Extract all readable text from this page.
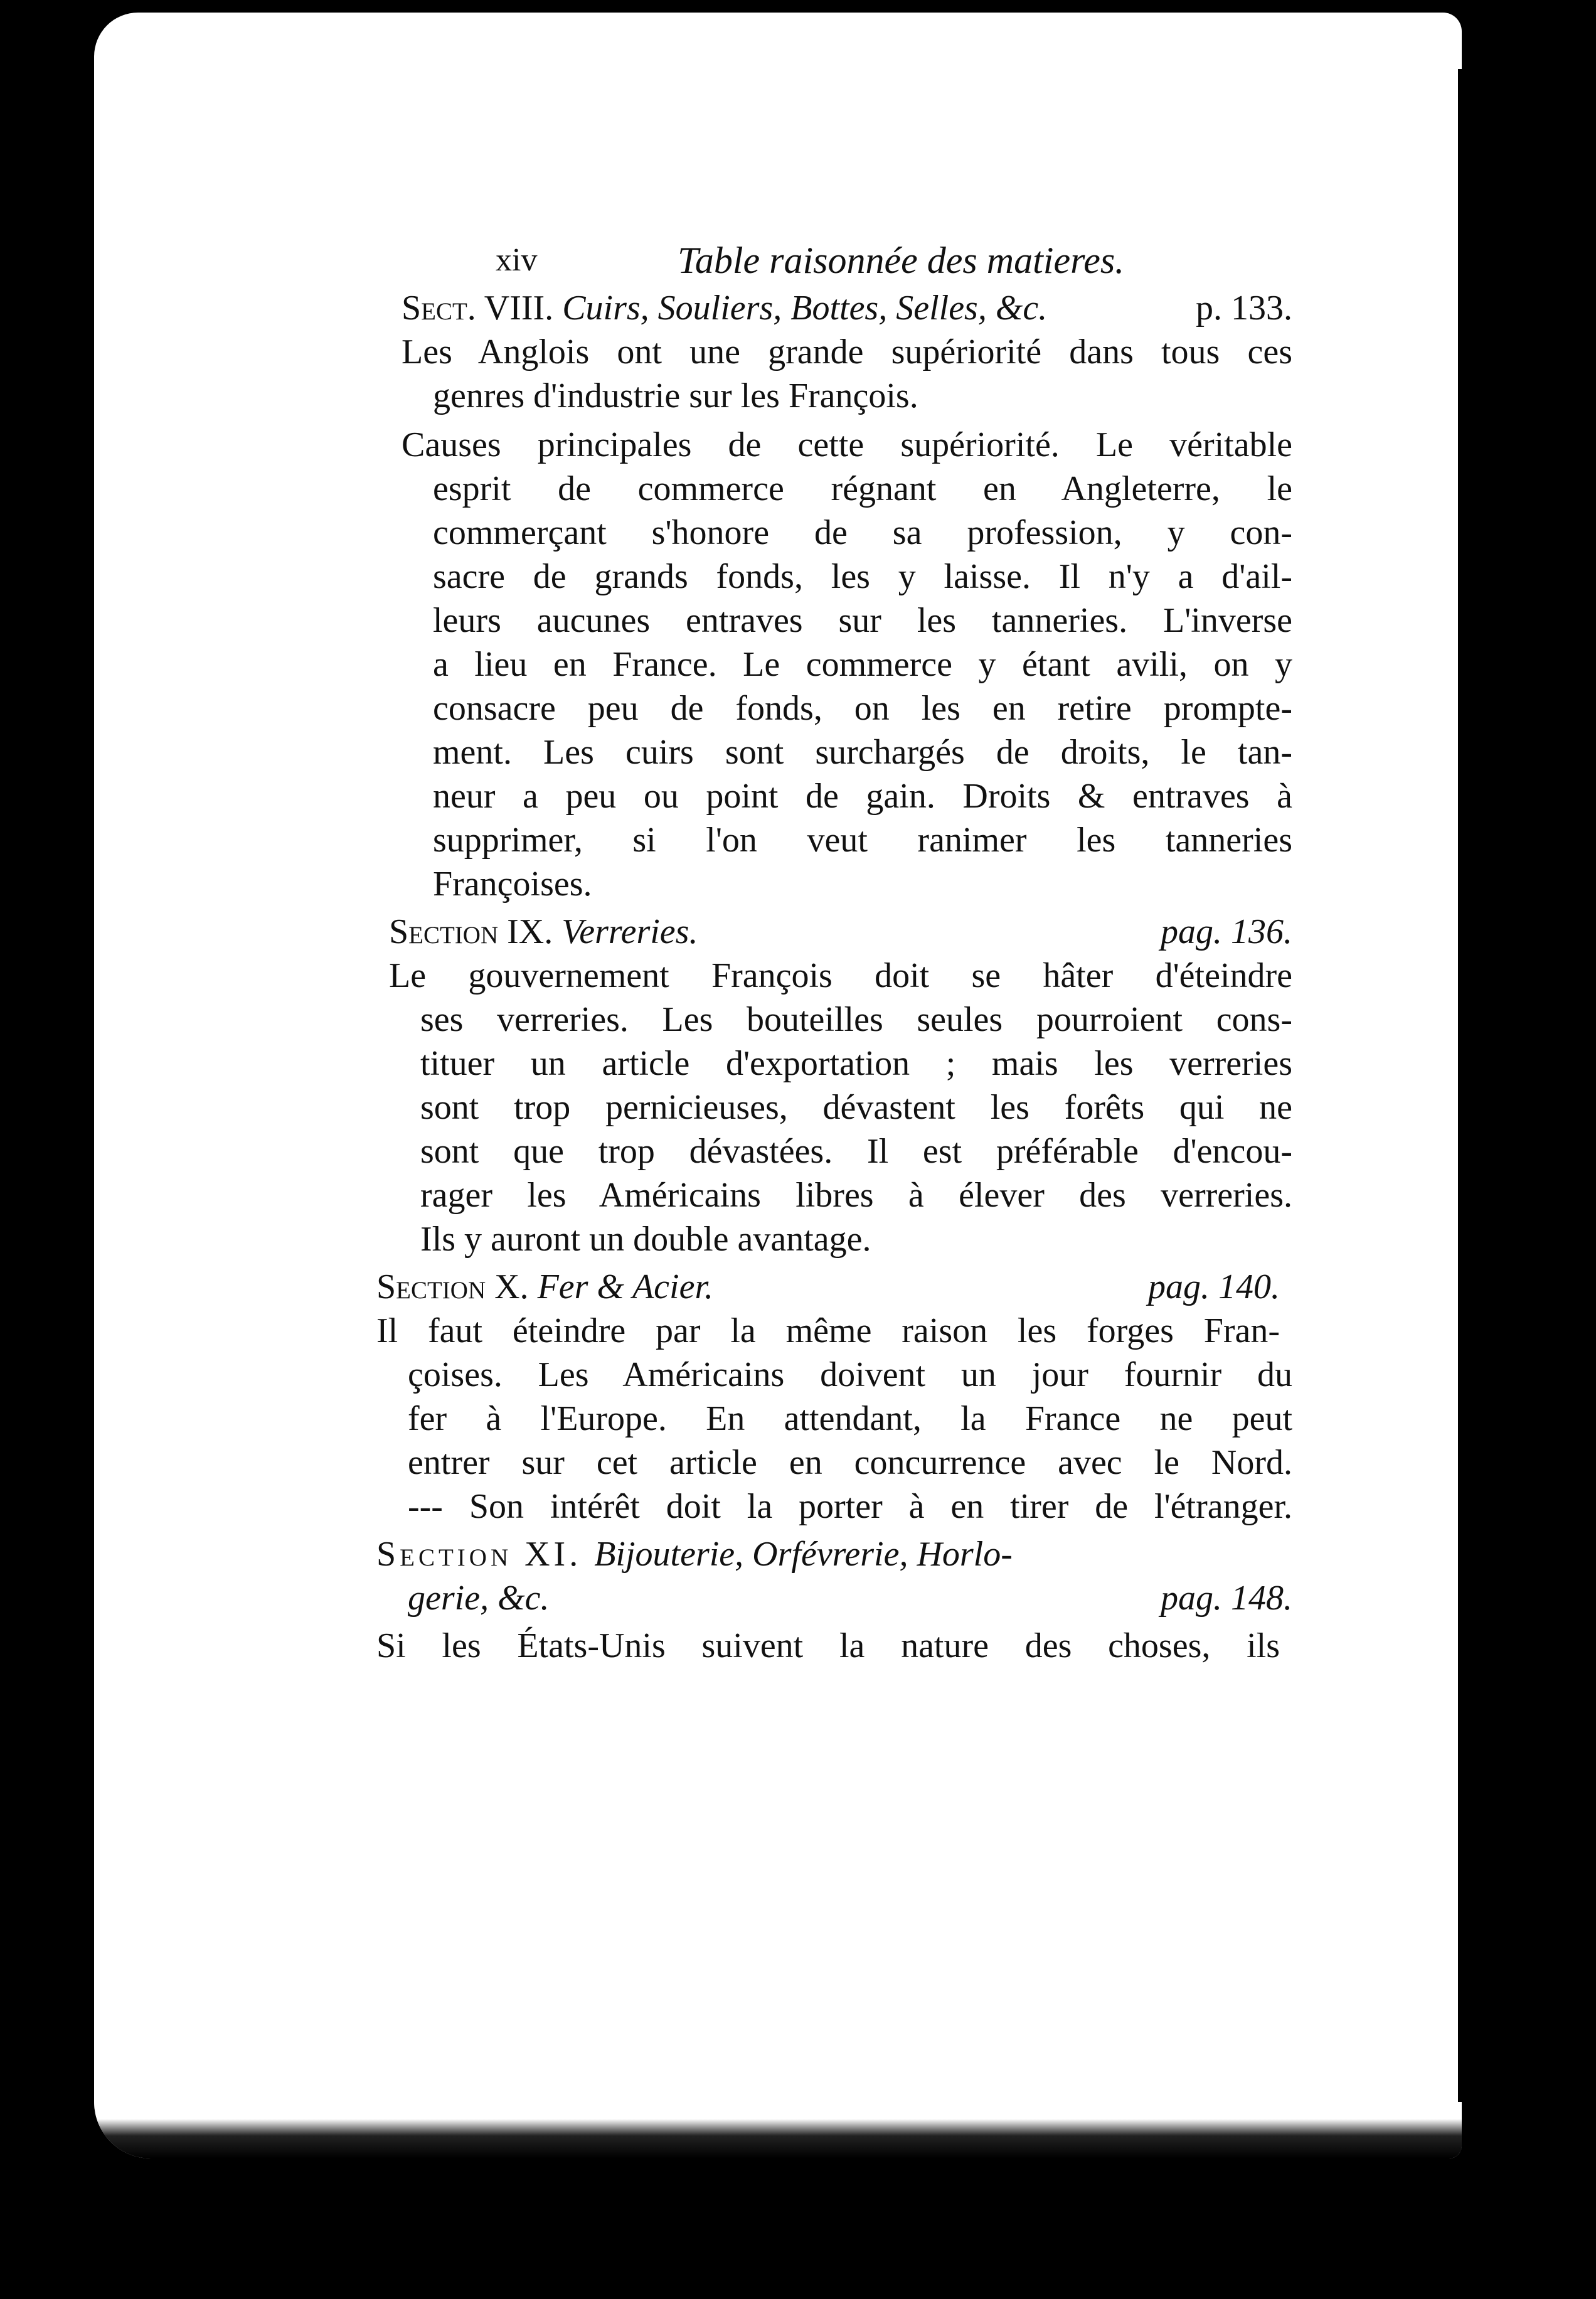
xiv	Table raisonnée des matieres.
Sect. VIII. Cuirs, Souliers, Bottes, Selles, &c.	p. 133.
Les Anglois ont une grande supériorité dans tous ces
genres d'industrie sur les François.
Causes principales de cette supériorité. Le véritable
esprit de commerce régnant en Angleterre, le
commerçant s'honore de sa profession, y con-
sacre de grands fonds, les y laisse. Il n'y a d'ail-
leurs aucunes entraves sur les tanneries. L'inverse
a lieu en France. Le commerce y étant avili, on y
consacre peu de fonds, on les en retire prompte-
ment. Les cuirs sont surchargés de droits, le tan-
neur a peu ou point de gain. Droits & entraves à
supprimer, si l'on veut ranimer les tanneries
Françoises.
Section IX. Verreries.	pag. 136.
Le gouvernement François doit se hâter d'éteindre
ses verreries. Les bouteilles seules pourroient cons-
tituer un article d'exportation ; mais les verreries
sont trop pernicieuses, dévastent les forêts qui ne
sont que trop dévastées. Il est préférable d'encou-
rager les Américains libres à élever des verreries.
Ils y auront un double avantage.
Section X. Fer & Acier.	pag. 140.
Il faut éteindre par la même raison les forges Fran-
çoises. Les Américains doivent un jour fournir du
fer à l'Europe. En attendant, la France ne peut
entrer sur cet article en concurrence avec le Nord.
--- Son intérêt doit la porter à en tirer de l'étranger.
Section XI. Bijouterie, Orfévrerie, Horlo-
gerie, &c.	pag. 148.
Si les États-Unis suivent la nature des choses, ils
